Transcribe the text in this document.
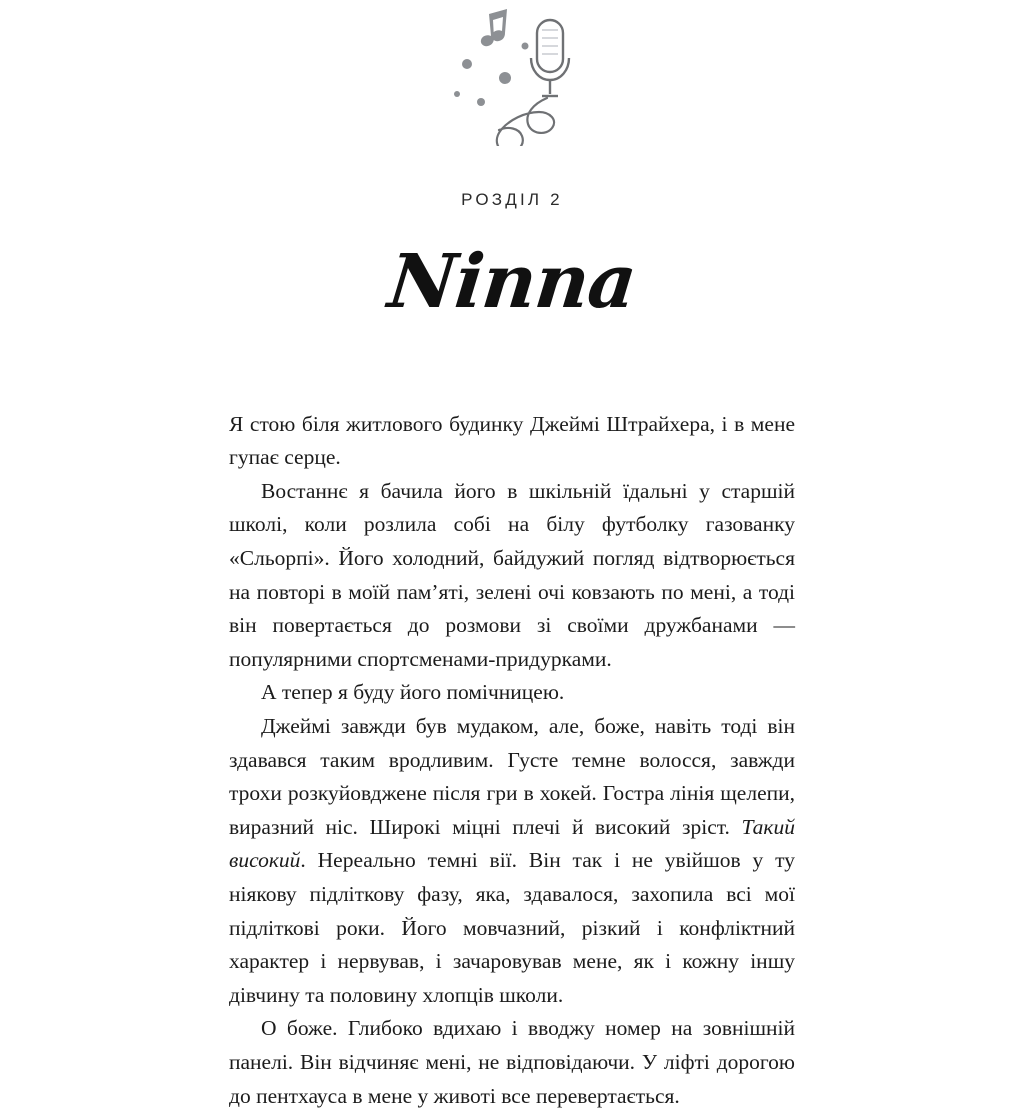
РОЗДІЛ 2
Ninna

Я стою біля житлового будинку Джеймі Штрайхера, і в мене гупає серце.

Востаннє я бачила його в шкільній їдальні у старшій школі, коли розлила собі на білу футболку газованку «Сльорпі». Його холодний, байдужий погляд відтворюється на повторі в моїй пам’яті, зелені очі ковзають по мені, а тоді він повертається до розмови зі своїми дружбанами — популярними спортсменами-придурками.

А тепер я буду його помічницею.

Джеймі завжди був мудаком, але, боже, навіть тоді він здавався таким вродливим. Густе темне волосся, завжди трохи розкуйовджене після гри в хокей. Гостра лінія щелепи, виразний ніс. Широкі міцні плечі й високий зріст. Такий високий. Нереально темні вії. Він так і не увійшов у ту ніякову підліткову фазу, яка, здавалося, захопила всі мої підліткові роки. Його мовчазний, різкий і конфліктний характер і нервував, і зачаровував мене, як і кожну іншу дівчину та половину хлопців школи.

О боже. Глибоко вдихаю і вводжу номер на зовнішній панелі. Він відчиняє мені, не відповідаючи. У ліфті дорогою до пентхауса в мене у животі все перевертається.
